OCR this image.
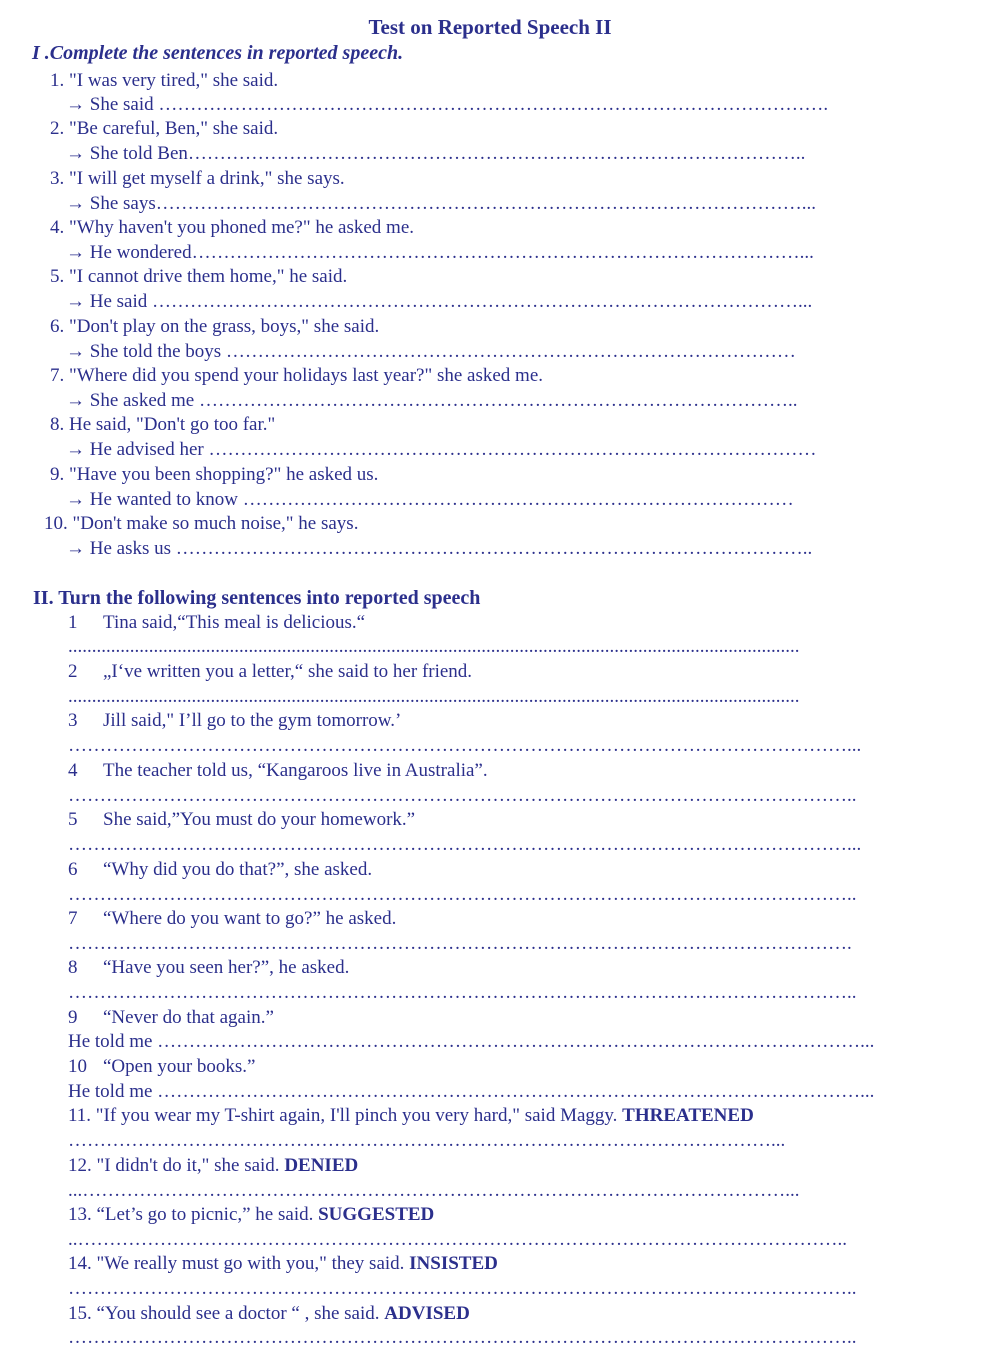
Test on Reported Speech II
I .Complete the sentences in reported speech.
1. "I was very tired," she said.
→ She said …………………………………………………………………………………………….
2. "Be careful, Ben," she said.
→ She told Ben……………………………………………………………………………………..
3. "I will get myself a drink," she says.
→ She says…………………………………………………………………………………………...
4. "Why haven't you phoned me?" he asked me.
→ He wondered……………………………………………………………………………………...
5. "I cannot drive them home," he said.
→ He said …………………………………………………………………………………………...
6. "Don't play on the grass, boys," she said.
→ She told the boys ………………………………………………………………………………
7. "Where did you spend your holidays last year?" she asked me.
→ She asked me …………………………………………………………………………………..
8. He said, "Don't go too far."
→ He advised her ……………………………………………………………………………………
9. "Have you been shopping?" he asked us.
→ He wanted to know ……………………………………………………………………………
10. "Don't make so much noise," he says.
→ He asks us ………………………………………………………………………………………..
II. Turn the following sentences into reported speech
1 Tina said,“This meal is delicious.“
..........................................................................................................................................................
2 „I‘ve written you a letter,“ she said to her friend.
..........................................................................................................................................................
3 Jill said," I’ll go to the gym tomorrow.’
……………………………………………………………………………………………………………...
4 The teacher told us, “Kangaroos live in Australia”.
……………………………………………………………………………………………………………..
5 She said,”You must do your homework.”
……………………………………………………………………………………………………………...
6 “Why did you do that?”, she asked.
……………………………………………………………………………………………………………..
7 “Where do you want to go?” he asked.
…………………………………………………………………………………………………………….
8 “Have you seen her?”, he asked.
……………………………………………………………………………………………………………..
9 “Never do that again.”
He told me …………………………………………………………………………………………………...
10 “Open your books.”
He told me …………………………………………………………………………………………………...
11. "If you wear my T-shirt again, I'll pinch you very hard," said Maggy. THREATENED
…………………………………………………………………………………………………...
12. "I didn't do it," she said. DENIED
...…………………………………………………………………………………………………...
13. “Let’s go to picnic,” he said. SUGGESTED
..…………………………………………………………………………………………………………..
14. "We really must go with you," they said. INSISTED
……………………………………………………………………………………………………………..
15. “You should see a doctor “ , she said. ADVISED
……………………………………………………………………………………………………………..
